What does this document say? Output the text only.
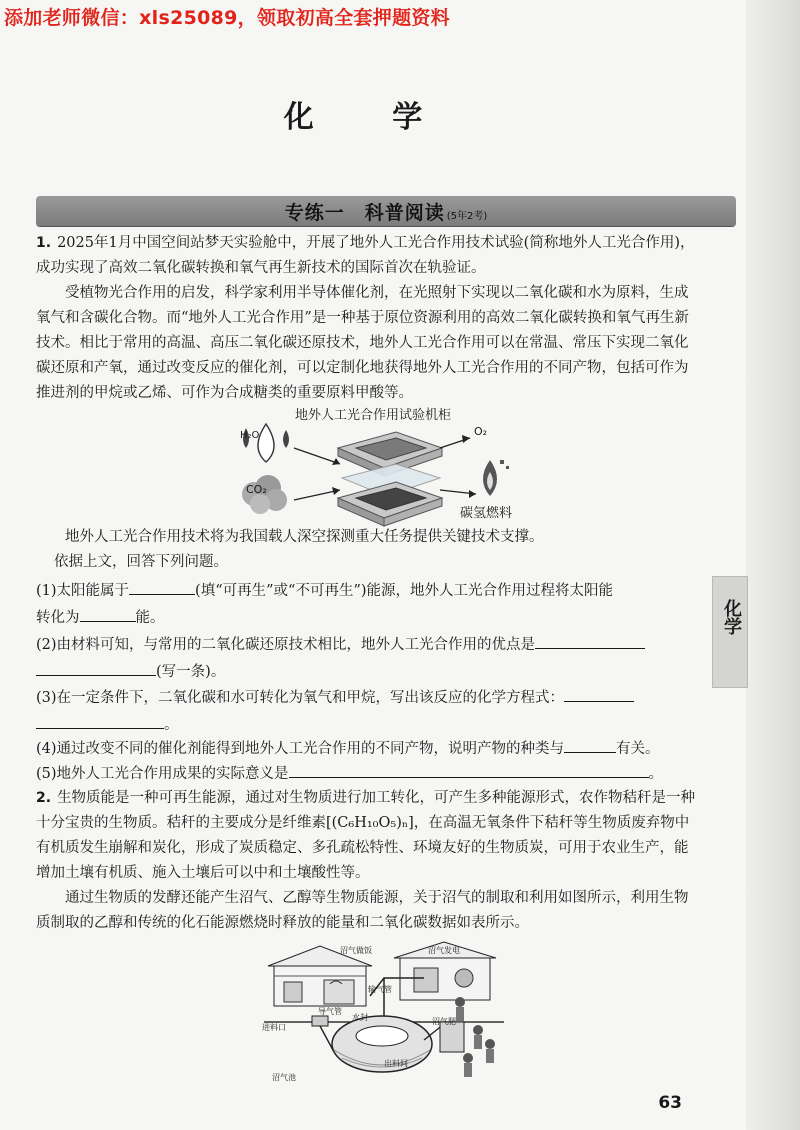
添加老师微信：xls25089，领取初高全套押题资料
化 学
专练一　科普阅读 (5年2考)
化学
1. 2025年1月中国空间站梦天实验舱中，开展了地外人工光合作用技术试验(简称地外人工光合作用)，成功实现了高效二氧化碳转换和氧气再生新技术的国际首次在轨验证。
受植物光合作用的启发，科学家利用半导体催化剂，在光照射下实现以二氧化碳和水为原料，生成氧气和含碳化合物。而“地外人工光合作用”是一种基于原位资源利用的高效二氧化碳转换和氧气再生新技术。相比于常用的高温、高压二氧化碳还原技术，地外人工光合作用可以在常温、常压下实现二氧化碳还原和产氧，通过改变反应的催化剂，可以定制化地获得地外人工光合作用的不同产物，包括可作为推进剂的甲烷或乙烯、可作为合成糖类的重要原料甲酸等。
地外人工光合作用试验机柜
H₂O
CO₂
O₂
碳氢燃料
地外人工光合作用技术将为我国载人深空探测重大任务提供关键技术支撑。
依据上文，回答下列问题。
(1)太阳能属于	(填“可再生”或“不可再生”)能源，地外人工光合作用过程将太阳能
转化为	能。
(2)由材料可知，与常用的二氧化碳还原技术相比，地外人工光合作用的优点是
(写一条)。
(3)在一定条件下，二氧化碳和水可转化为氧气和甲烷，写出该反应的化学方程式：
。
(4)通过改变不同的催化剂能得到地外人工光合作用的不同产物，说明产物的种类与	有关。
(5)地外人工光合作用成果的实际意义是	。
2. 生物质能是一种可再生能源，通过对生物质进行加工转化，可产生多种能源形式，农作物秸秆是一种十分宝贵的生物质。秸秆的主要成分是纤维素[(C₆H₁₀O₅)ₙ]，在高温无氧条件下秸秆等生物质废弃物中有机质发生崩解和炭化，形成了炭质稳定、多孔疏松特性、环境友好的生物质炭，可用于农业生产，能增加土壤有机质、施入土壤后可以中和土壤酸性等。
通过生物质的发酵还能产生沼气、乙醇等生物质能源，关于沼气的制取和利用如图所示，利用生物质制取的乙醇和传统的化石能源燃烧时释放的能量和二氧化碳数据如表所示。
沼气做饭	沼气发电
输气管
导气管
水封	沼气肥
进料口
沼气池
出料间
63
